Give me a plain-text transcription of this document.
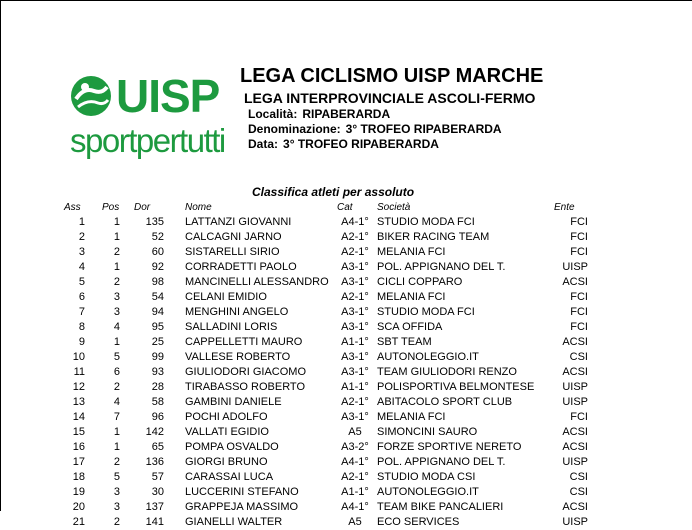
UISP
sportpertutti
LEGA CICLISMO UISP MARCHE
LEGA INTERPROVINCIALE ASCOLI-FERMO
Località: RIPABERARDA
Denominazione: 3° TROFEO RIPABERARDA
Data: 3° TROFEO RIPABERARDA
Classifica atleti per assoluto
Ass Pos Dor	Nome	Cat Società	Ente
1	1	135 LATTANZI GIOVANNI	A4-1° STUDIO MODA FCI	FCI
2	1	52 CALCAGNI JARNO	A2-1° BIKER RACING TEAM	FCI
3	2	60 SISTARELLI SIRIO	A2-1° MELANIA FCI	FCI
4	1	92 CORRADETTI PAOLO	A3-1° POL. APPIGNANO DEL T.	UISP
5	2	98 MANCINELLI ALESSANDRO	A3-1° CICLI COPPARO	ACSI
6	3	54 CELANI EMIDIO	A2-1° MELANIA FCI	FCI
7	3	94 MENGHINI ANGELO	A3-1° STUDIO MODA FCI	FCI
8	4	95 SALLADINI LORIS	A3-1° SCA OFFIDA	FCI
9	1	25 CAPPELLETTI MAURO	A1-1° SBT TEAM	ACSI
10	5	99 VALLESE ROBERTO	A3-1° AUTONOLEGGIO.IT	CSI
11	6	93 GIULIODORI GIACOMO	A3-1° TEAM GIULIODORI RENZO	ACSI
12	2	28 TIRABASSO ROBERTO	A1-1° POLISPORTIVA BELMONTESE	UISP
13	4	58 GAMBINI DANIELE	A2-1° ABITACOLO SPORT CLUB	UISP
14	7	96 POCHI ADOLFO	A3-1° MELANIA FCI	FCI
15	1	142 VALLATI EGIDIO	A5	SIMONCINI SAURO	ACSI
16	1	65 POMPA OSVALDO	A3-2° FORZE SPORTIVE NERETO	ACSI
17	2	136 GIORGI BRUNO	A4-1° POL. APPIGNANO DEL T.	UISP
18	5	57 CARASSAI LUCA	A2-1° STUDIO MODA CSI	CSI
19	3	30 LUCCERINI STEFANO	A1-1° AUTONOLEGGIO.IT	CSI
20	3	137 GRAPPEJA MASSIMO	A4-1° TEAM BIKE PANCALIERI	ACSI
21	2	141 GIANELLI WALTER	A5	ECO SERVICES	UISP
